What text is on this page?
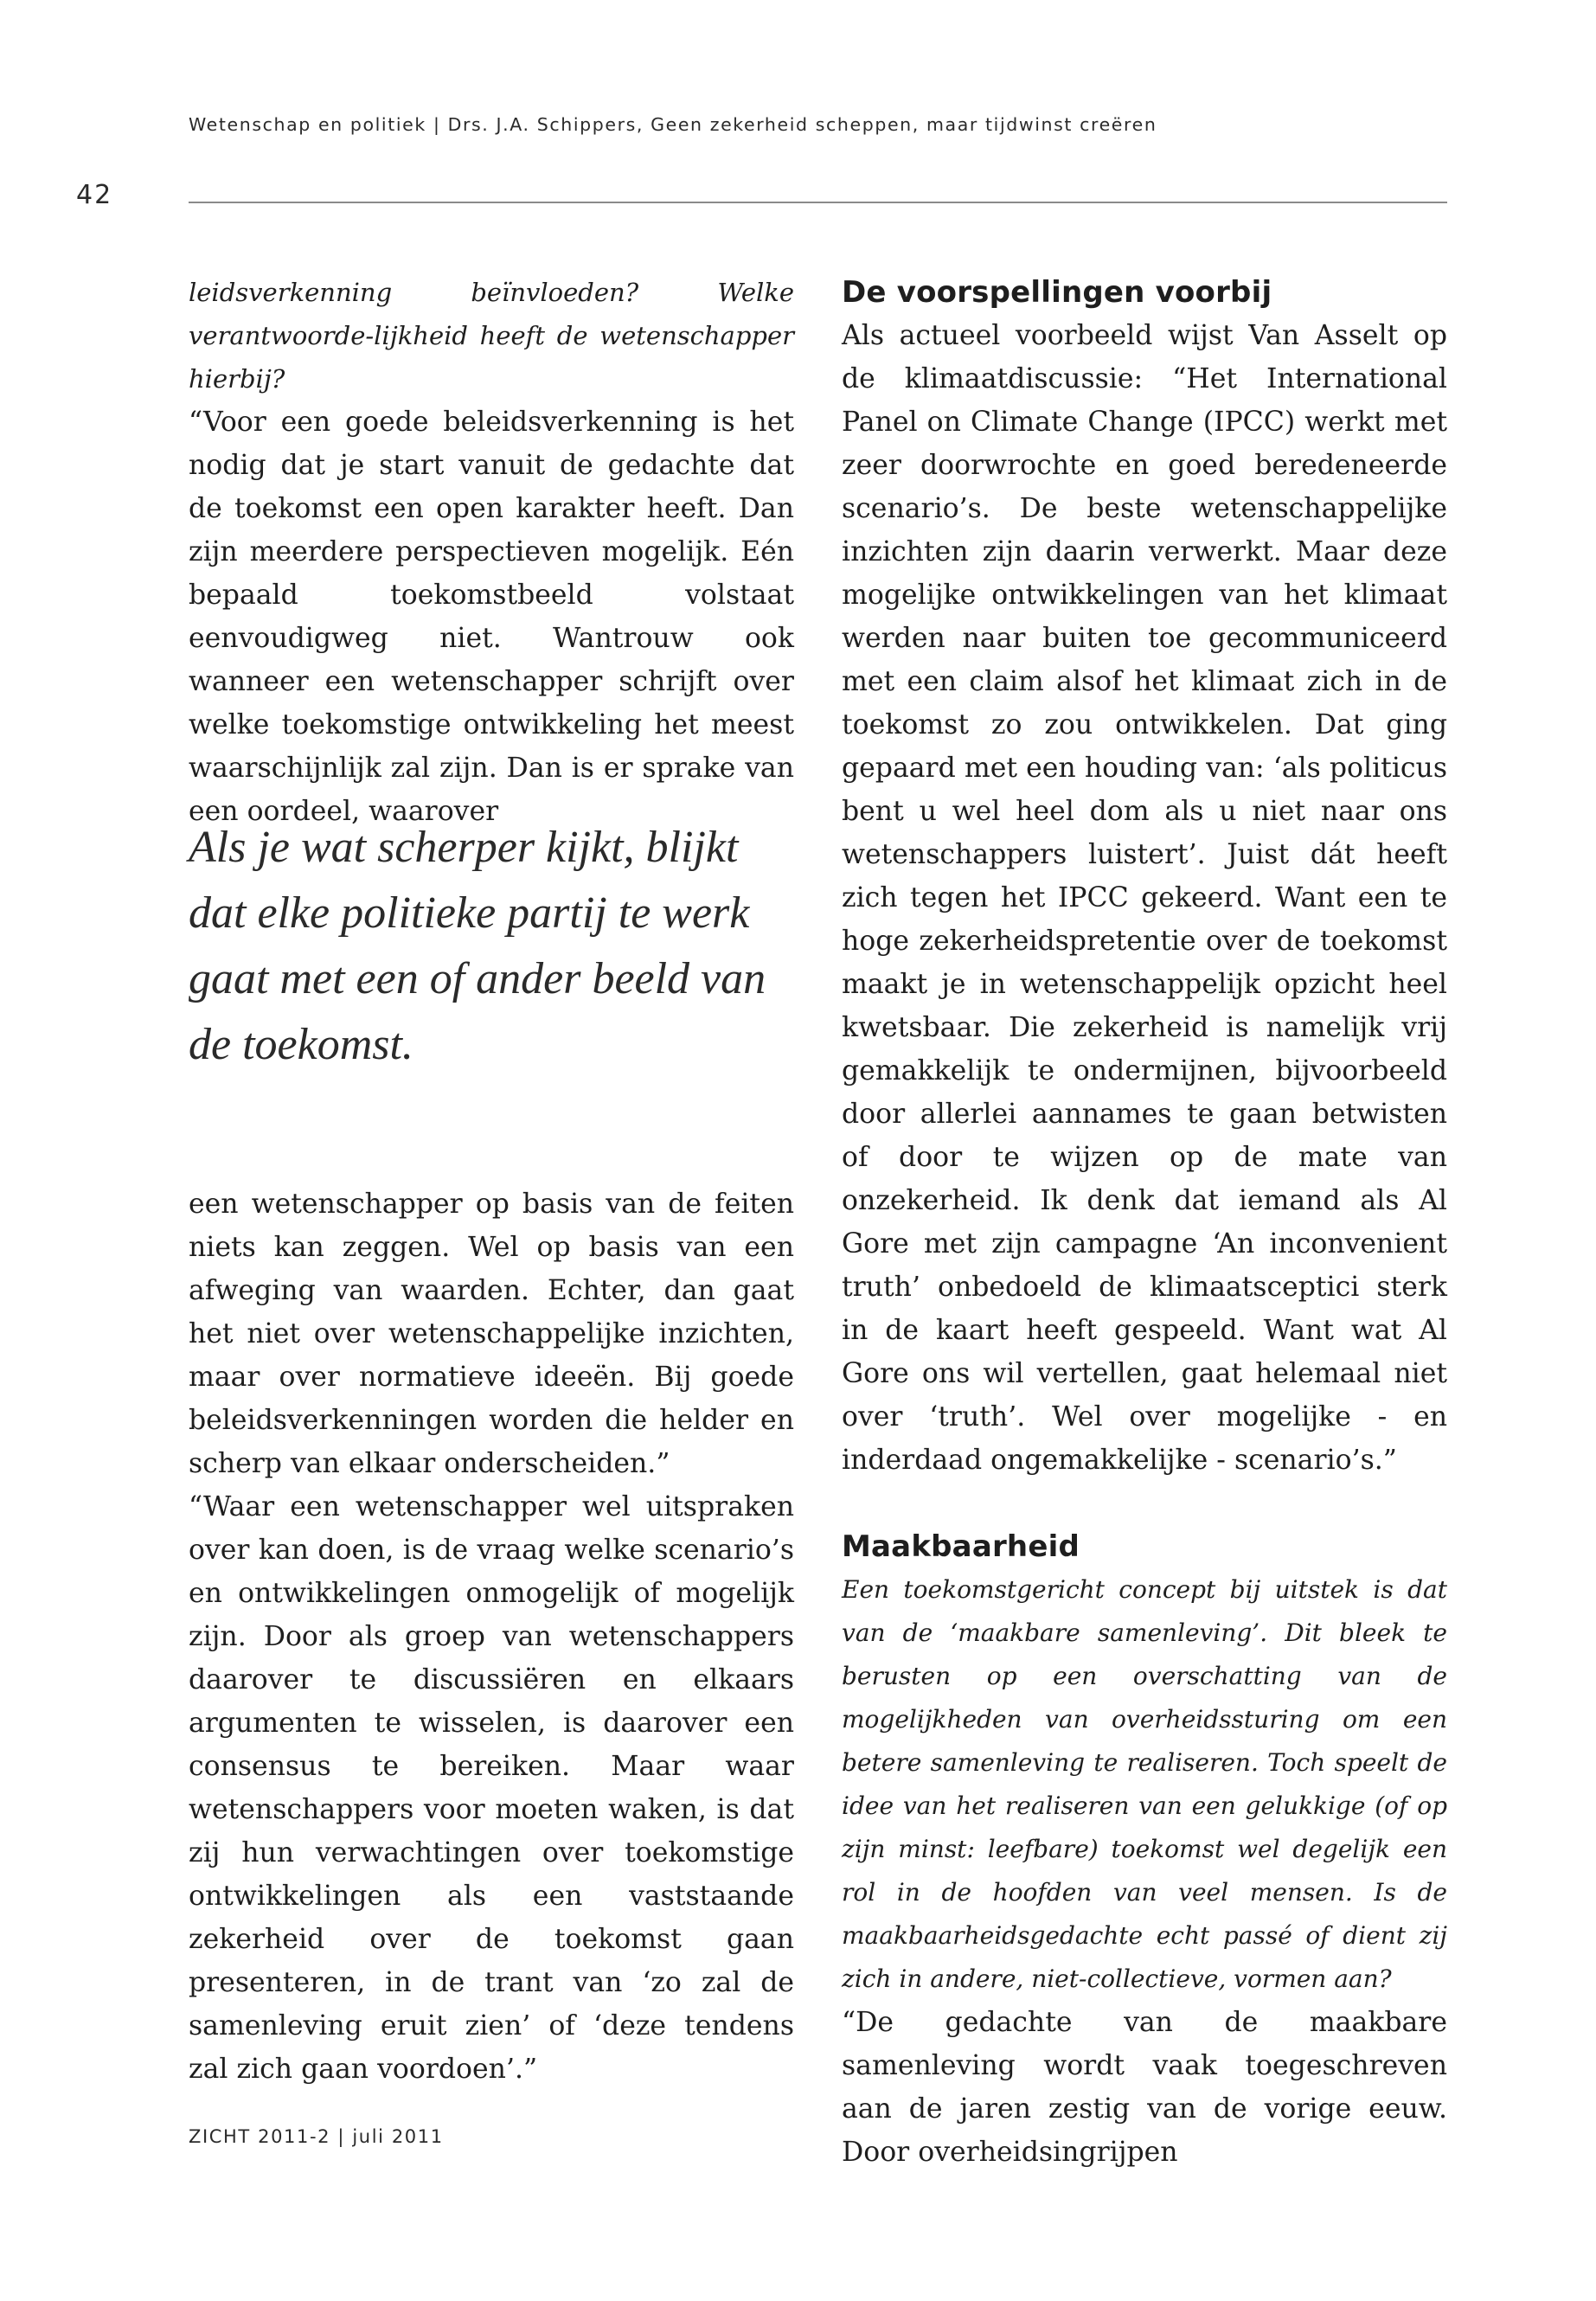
Wetenschap en politiek | Drs. J.A. Schippers, Geen zekerheid scheppen, maar tijdwinst creëren
42

leidsverkenning beïnvloeden? Welke verantwoorde-lijkheid heeft de wetenschapper hierbij?

“Voor een goede beleidsverkenning is het nodig dat je start vanuit de gedachte dat de toekomst een open karakter heeft. Dan zijn meerdere perspectieven mogelijk. Eén bepaald toekomstbeeld volstaat eenvoudigweg niet. Wantrouw ook wanneer een wetenschapper schrijft over welke toekomstige ontwikkeling het meest waarschijnlijk zal zijn. Dan is er sprake van een oordeel, waarover

Als je wat scherper kijkt, blijkt dat elke politieke partij te werk gaat met een of ander beeld van de toekomst.

een wetenschapper op basis van de feiten niets kan zeggen. Wel op basis van een afweging van waarden. Echter, dan gaat het niet over wetenschappelijke inzichten, maar over normatieve ideeën. Bij goede beleidsverkenningen worden die helder en scherp van elkaar onderscheiden.”

“Waar een wetenschapper wel uitspraken over kan doen, is de vraag welke scenario’s en ontwikkelingen onmogelijk of mogelijk zijn. Door als groep van wetenschappers daarover te discussiëren en elkaars argumenten te wisselen, is daarover een consensus te bereiken. Maar waar wetenschappers voor moeten waken, is dat zij hun verwachtingen over toekomstige ontwikkelingen als een vaststaande zekerheid over de toekomst gaan presenteren, in de trant van ‘zo zal de samenleving eruit zien’ of ‘deze tendens zal zich gaan voordoen’.”

De voorspellingen voorbij

Als actueel voorbeeld wijst Van Asselt op de klimaatdiscussie: “Het International Panel on Climate Change (IPCC) werkt met zeer doorwrochte en goed beredeneerde scenario’s. De beste wetenschappelijke inzichten zijn daarin verwerkt. Maar deze mogelijke ontwikkelingen van het klimaat werden naar buiten toe gecommuniceerd met een claim alsof het klimaat zich in de toekomst zo zou ontwikkelen. Dat ging gepaard met een houding van: ‘als politicus bent u wel heel dom als u niet naar ons wetenschappers luistert’. Juist dát heeft zich tegen het IPCC gekeerd. Want een te hoge zekerheidspretentie over de toekomst maakt je in wetenschappelijk opzicht heel kwetsbaar. Die zekerheid is namelijk vrij gemakkelijk te ondermijnen, bijvoorbeeld door allerlei aannames te gaan betwisten of door te wijzen op de mate van onzekerheid. Ik denk dat iemand als Al Gore met zijn campagne ‘An inconvenient truth’ onbedoeld de klimaatsceptici sterk in de kaart heeft gespeeld. Want wat Al Gore ons wil vertellen, gaat helemaal niet over ‘truth’. Wel over mogelijke - en inderdaad ongemakkelijke - scenario’s.”

Maakbaarheid

Een toekomstgericht concept bij uitstek is dat van de ‘maakbare samenleving’. Dit bleek te berusten op een overschatting van de mogelijkheden van overheidssturing om een betere samenleving te realiseren. Toch speelt de idee van het realiseren van een gelukkige (of op zijn minst: leefbare) toekomst wel degelijk een rol in de hoofden van veel mensen. Is de maakbaarheidsgedachte echt passé of dient zij zich in andere, niet-collectieve, vormen aan?

“De gedachte van de maakbare samenleving wordt vaak toegeschreven aan de jaren zestig van de vorige eeuw. Door overheidsingrijpen

ZICHT 2011-2 | juli 2011
